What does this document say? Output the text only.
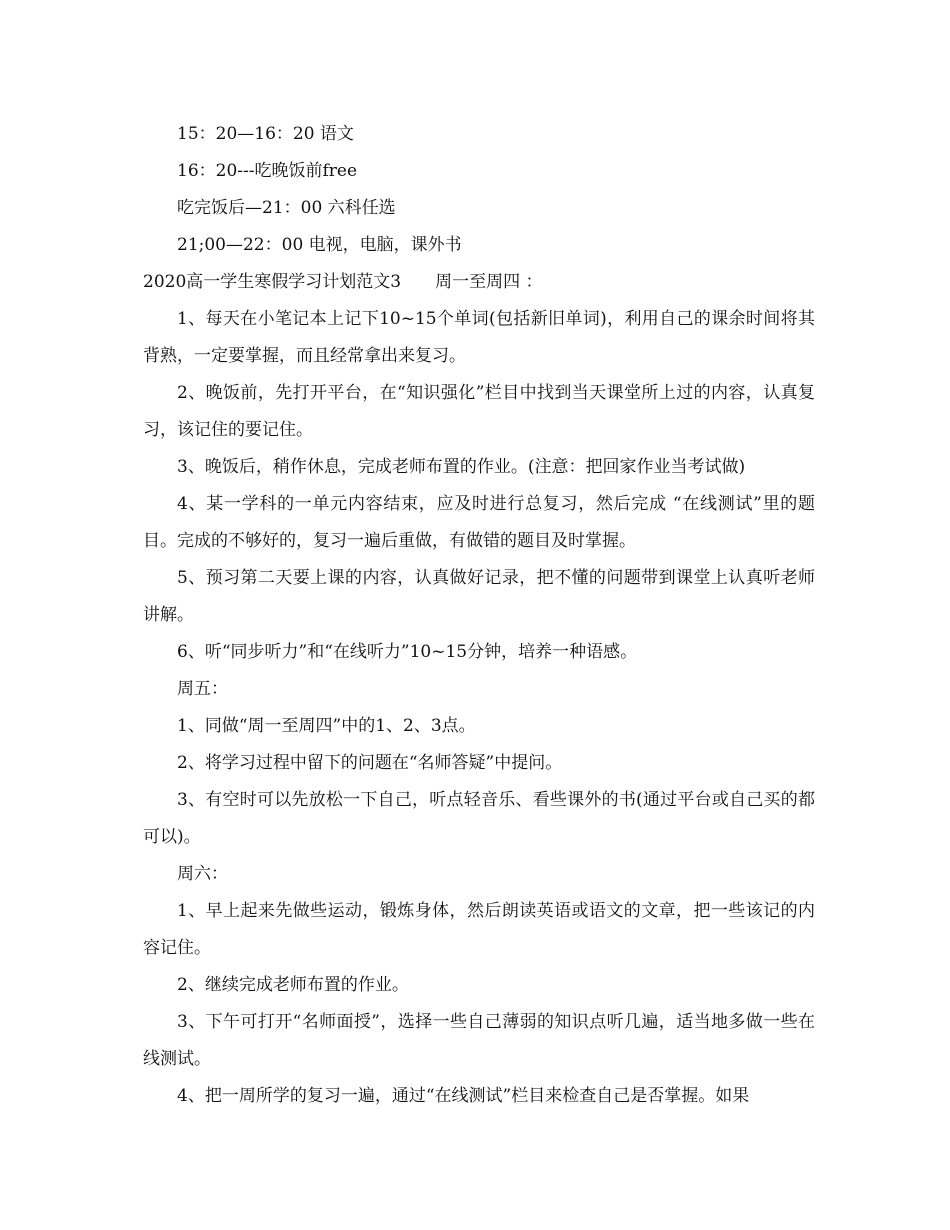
15：20—16：20 语文

16：20---吃晚饭前free

吃完饭后—21：00 六科任选

21;00—22：00 电视，电脑，课外书

2020高一学生寒假学习计划范文3 周一至周四 ：

1、每天在小笔记本上记下10~15个单词(包括新旧单词)，利用自己的课余时间将其背熟，一定要掌握，而且经常拿出来复习。

2、晚饭前，先打开平台，在“知识强化”栏目中找到当天课堂所上过的内容，认真复习，该记住的要记住。

3、晚饭后，稍作休息，完成老师布置的作业。(注意：把回家作业当考试做)

4、某一学科的一单元内容结束，应及时进行总复习，然后完成 “在线测试”里的题目。完成的不够好的，复习一遍后重做，有做错的题目及时掌握。

5、预习第二天要上课的内容，认真做好记录，把不懂的问题带到课堂上认真听老师讲解。

6、听“同步听力”和“在线听力”10~15分钟，培养一种语感。

周五：

1、同做“周一至周四”中的1、2、3点。

2、将学习过程中留下的问题在“名师答疑”中提问。

3、有空时可以先放松一下自己，听点轻音乐、看些课外的书(通过平台或自己买的都可以)。

周六：

1、早上起来先做些运动，锻炼身体，然后朗读英语或语文的文章，把一些该记的内容记住。

2、继续完成老师布置的作业。

3、下午可打开“名师面授”，选择一些自己薄弱的知识点听几遍，适当地多做一些在线测试。

4、把一周所学的复习一遍，通过“在线测试”栏目来检查自己是否掌握。如果
